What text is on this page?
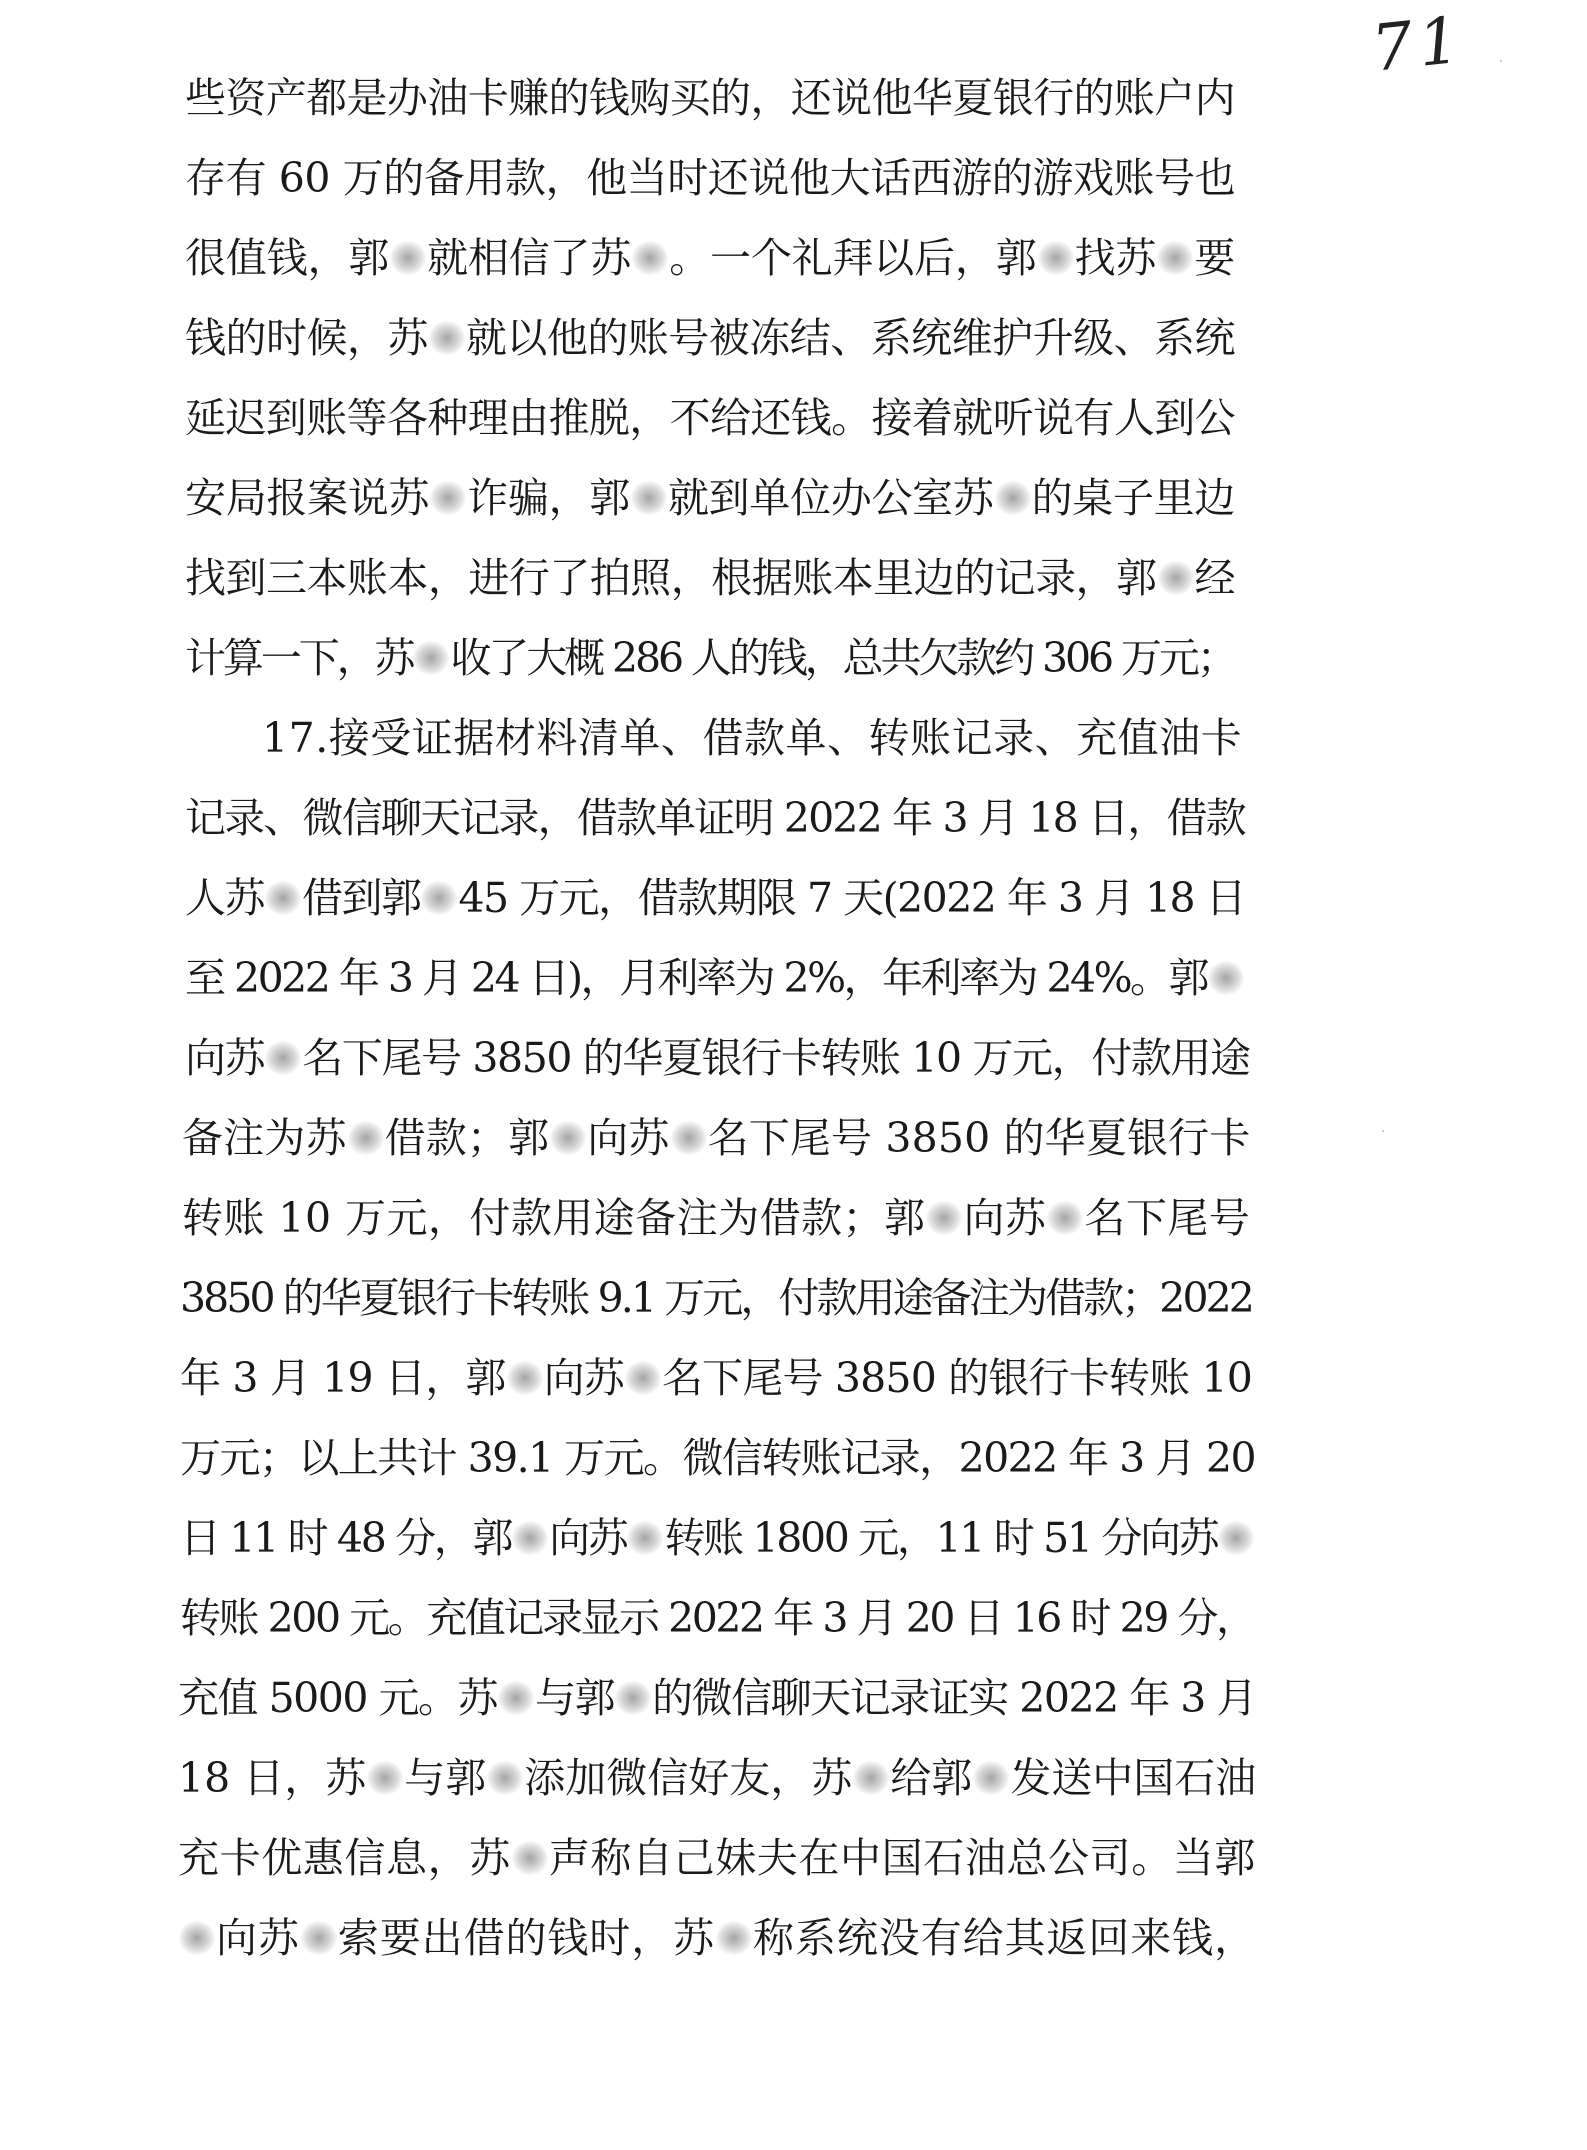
71
些资产都是办油卡赚的钱购买的，还说他华夏银行的账户内
存有 60 万的备用款，他当时还说他大话西游的游戏账号也
很值钱，郭 就相信了苏 。一个礼拜以后，郭 找苏 要
钱的时候，苏 就以他的账号被冻结、系统维护升级、系统
延迟到账等各种理由推脱，不给还钱。接着就听说有人到公
安局报案说苏 诈骗，郭 就到单位办公室苏 的桌子里边
找到三本账本，进行了拍照，根据账本里边的记录，郭 经
计算一下，苏 收了大概 286 人的钱，总共欠款约 306 万元；
17.接受证据材料清单、借款单、转账记录、充值油卡
记录、微信聊天记录，借款单证明 2022 年 3 月 18 日，借款
人苏 借到郭 45 万元，借款期限 7 天(2022 年 3 月 18 日
至 2022 年 3 月 24 日)，月利率为 2%，年利率为 24%。郭
向苏 名下尾号 3850 的华夏银行卡转账 10 万元，付款用途
备注为苏 借款；郭 向苏 名下尾号 3850 的华夏银行卡
转账 10 万元，付款用途备注为借款；郭 向苏 名下尾号
3850 的华夏银行卡转账 9.1 万元，付款用途备注为借款；2022
年 3 月 19 日，郭 向苏 名下尾号 3850 的银行卡转账 10
万元；以上共计 39.1 万元。微信转账记录，2022 年 3 月 20
日 11 时 48 分，郭 向苏 转账 1800 元，11 时 51 分向苏
转账 200 元。充值记录显示 2022 年 3 月 20 日 16 时 29 分，
充值 5000 元。苏 与郭 的微信聊天记录证实 2022 年 3 月
18 日，苏 与郭 添加微信好友，苏 给郭 发送中国石油
充卡优惠信息，苏 声称自己妹夫在中国石油总公司。当郭
向苏 索要出借的钱时，苏 称系统没有给其返回来钱，
